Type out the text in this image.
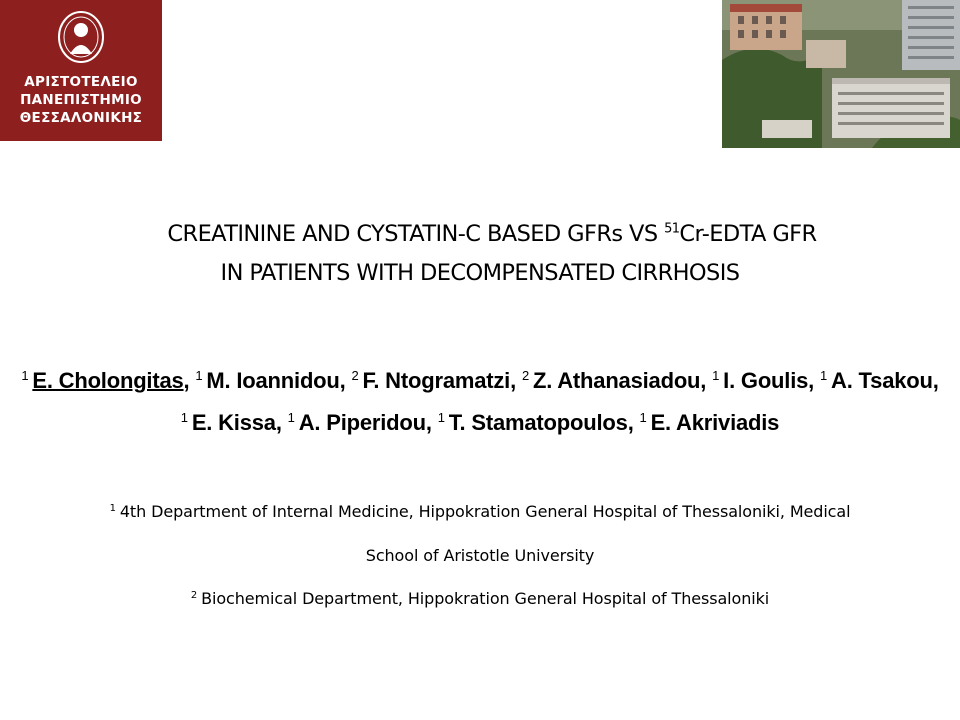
ΑΡΙΣΤΟΤΕΛΕΙΟ
ΠΑΝΕΠΙΣΤΗΜΙΟ
ΘΕΣΣΑΛΟΝΙΚΗΣ
CREATININE AND CYSTATIN-C BASED GFRs VS $^{51}$Cr-EDTA GFR
IN PATIENTS WITH DECOMPENSATED CIRRHOSIS
$^1$ E. Cholongitas, $^1$ M. Ioannidou, $^2$ F. Ntogramatzi, $^2$ Z. Athanasiadou, $^1$ I. Goulis, $^1$ A. Tsakou,
$^1$ E. Kissa, $^1$ A. Piperidou, $^1$ T. Stamatopoulos, $^1$ E. Akriviadis
$^1$ 4th Department of Internal Medicine, Hippokration General Hospital of Thessaloniki, Medical
School of Aristotle University
$^2$ Biochemical Department, Hippokration General Hospital of Thessaloniki
